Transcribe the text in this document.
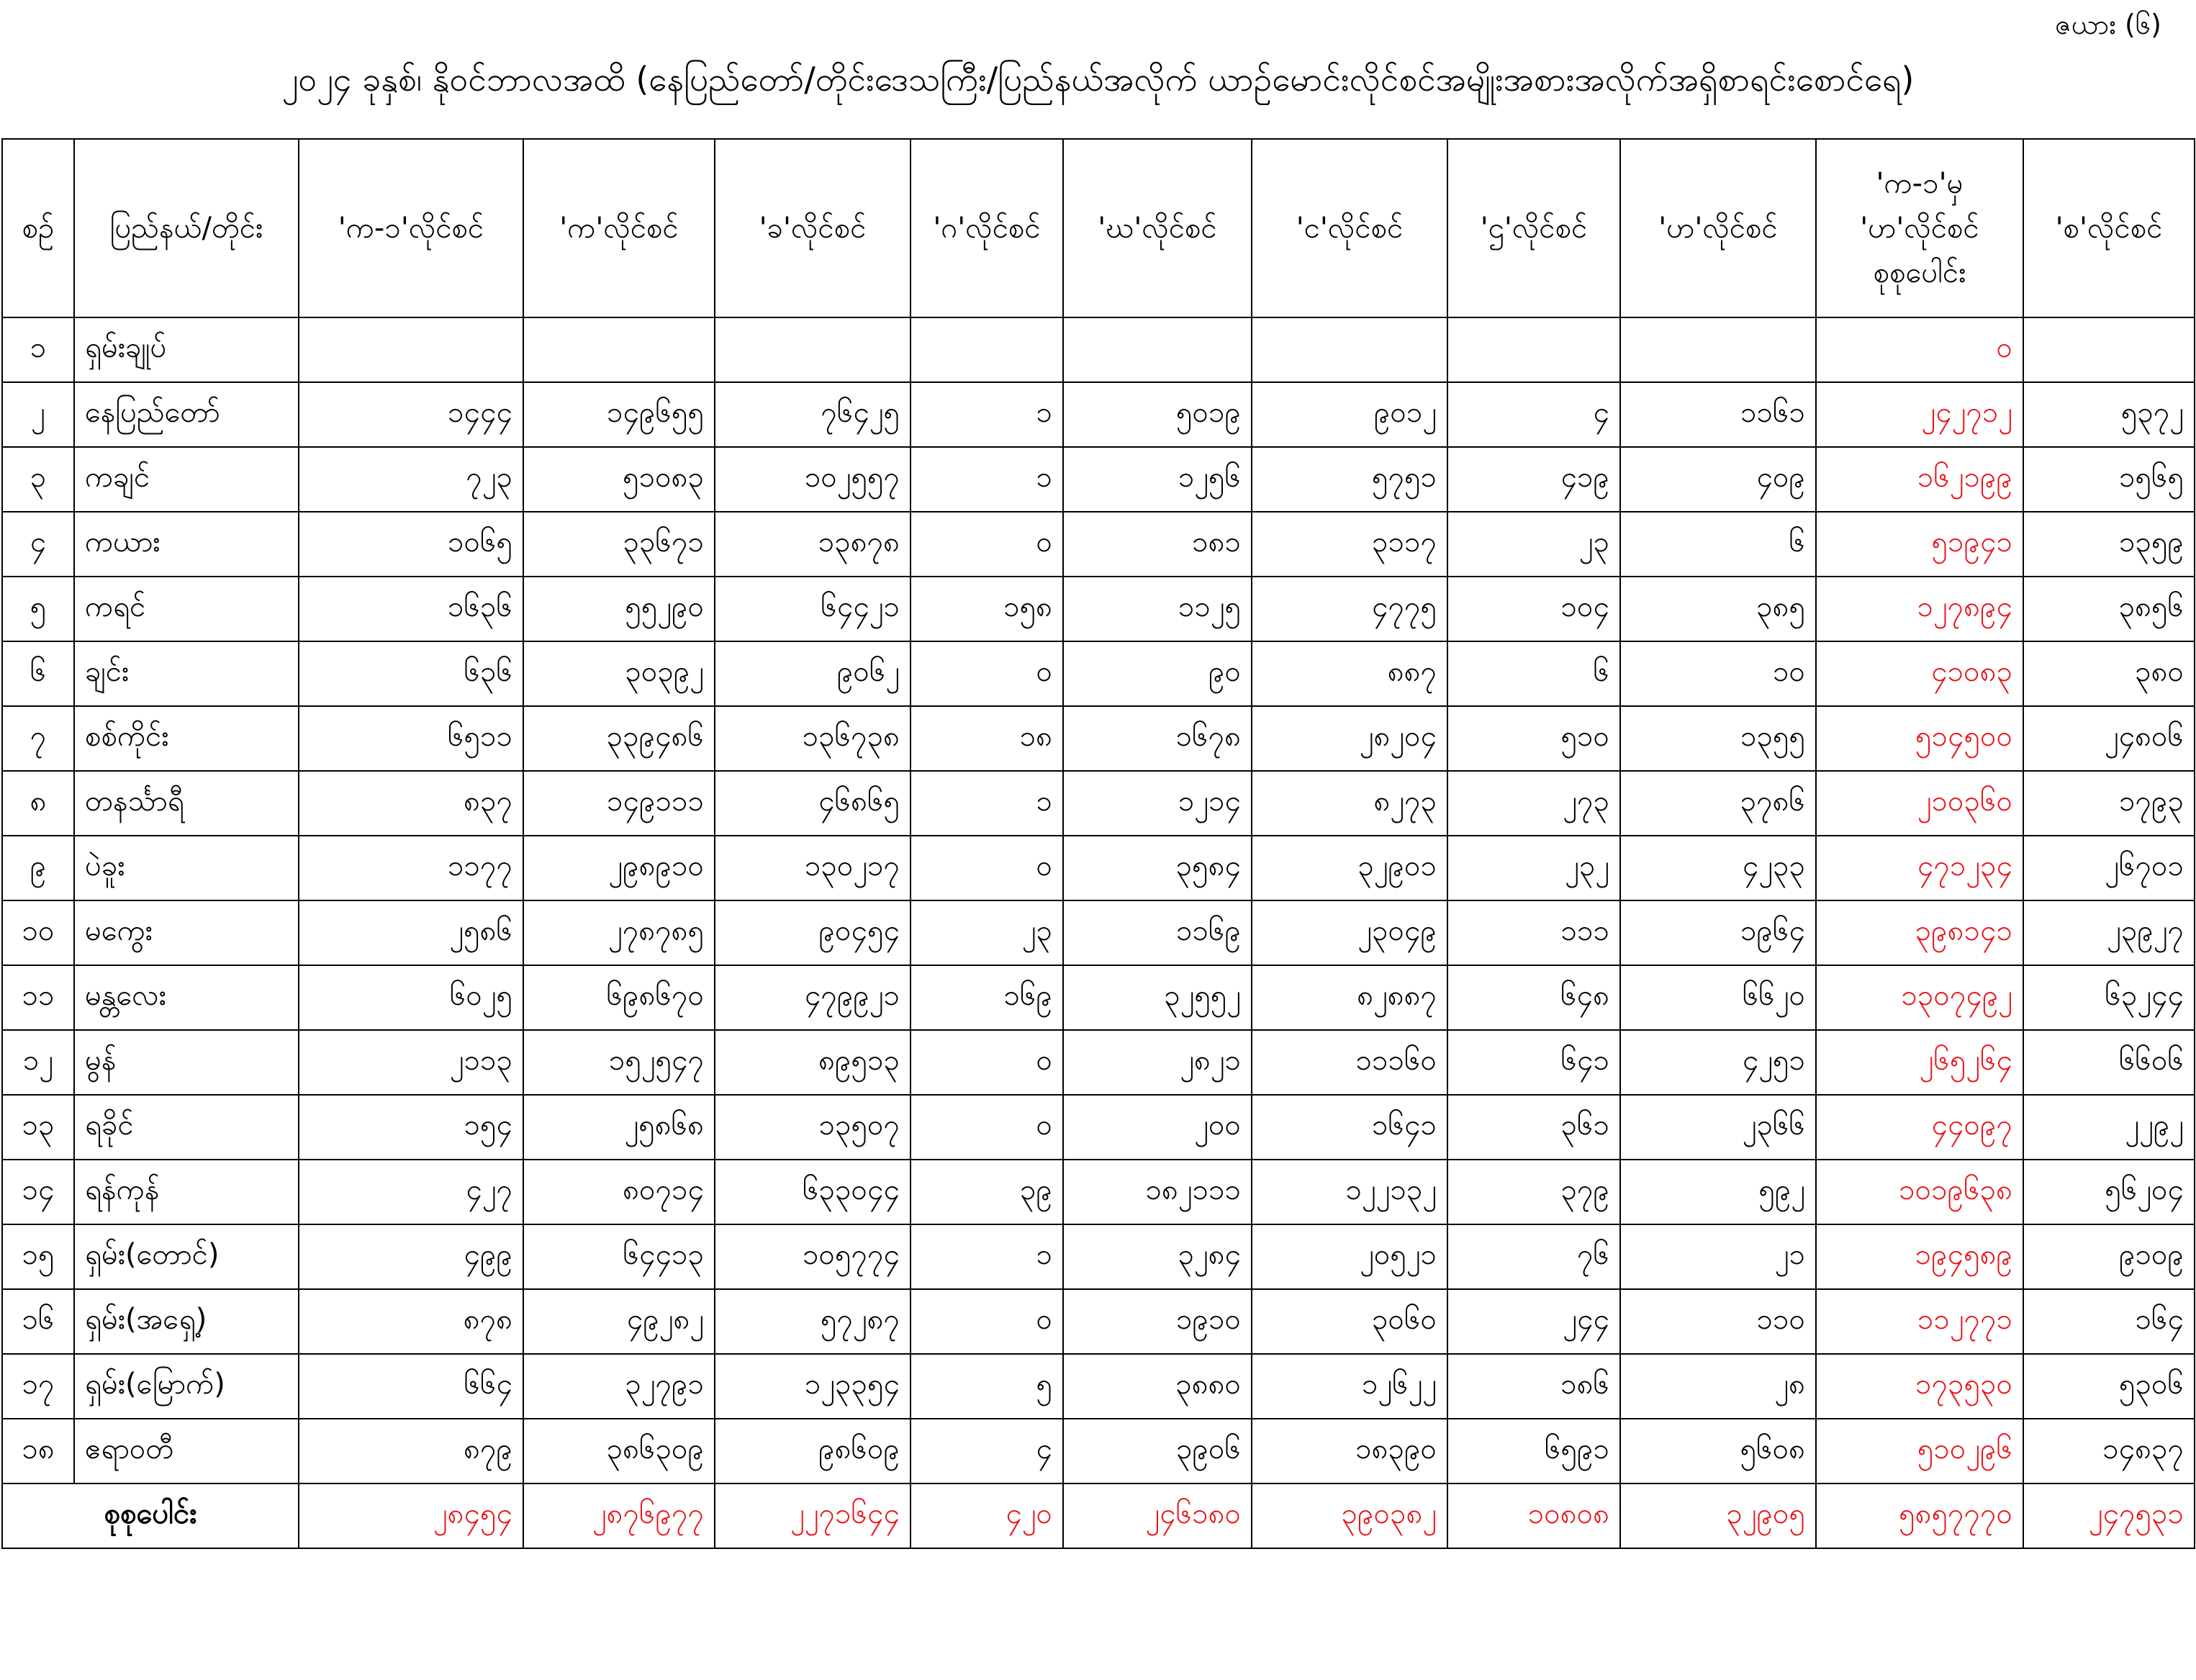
ဇယား (၆)
၂၀၂၄ ခုနှစ်၊ နိုဝင်ဘာလအထိ (နေပြည်တော်/တိုင်းဒေသကြီး/ပြည်နယ်အလိုက် ယာဉ်မောင်းလိုင်စင်အမျိုးအစားအလိုက်အရှိစာရင်းစောင်ရေ)
စဉ်	ပြည်နယ်/တိုင်း	'က-၁'လိုင်စင်	'က'လိုင်စင်	'ခ'လိုင်စင်	'ဂ'လိုင်စင်	'ဃ'လိုင်စင်	'င'လိုင်စင်	'ဌ'လိုင်စင်	'ဟ'လိုင်စင်	'က-၁'မှ 'ဟ'လိုင်စင် စုစုပေါင်း	'စ'လိုင်စင်
၁	ရှမ်းချုပ်									၀	
၂	နေပြည်တော်	၁၄၄၄	၁၄၉၆၅၅	၇၆၄၂၅	၁	၅၀၁၉	၉၀၁၂	၄	၁၁၆၁	၂၄၂၇၁၂	၅၃၇၂
၃	ကချင်	၇၂၃	၅၁၀၈၃	၁၀၂၅၅၇	၁	၁၂၅၆	၅၇၅၁	၄၁၉	၄၀၉	၁၆၂၁၉၉	၁၅၆၅
၄	ကယား	၁၀၆၅	၃၃၆၇၁	၁၃၈၇၈	၀	၁၈၁	၃၁၁၇	၂၃	၆	၅၁၉၄၁	၁၃၅၉
၅	ကရင်	၁၆၃၆	၅၅၂၉၀	၆၄၄၂၁	၁၅၈	၁၁၂၅	၄၇၇၅	၁၀၄	၃၈၅	၁၂၇၈၉၄	၃၈၅၆
၆	ချင်း	၆၃၆	၃၀၃၉၂	၉၀၆၂	၀	၉၀	၈၈၇	၆	၁၀	၄၁၀၈၃	၃၈၀
၇	စစ်ကိုင်း	၆၅၁၁	၃၃၉၄၈၆	၁၃၆၇၃၈	၁၈	၁၆၇၈	၂၈၂၀၄	၅၁၀	၁၃၅၅	၅၁၄၅၀၀	၂၄၈၀၆
၈	တနင်္သာရီ	၈၃၇	၁၄၉၁၁၁	၄၆၈၆၅	၁	၁၂၁၄	၈၂၇၃	၂၇၃	၃၇၈၆	၂၁၀၃၆၀	၁၇၉၃
၉	ပဲခူး	၁၁၇၇	၂၉၈၉၁၀	၁၃၀၂၁၇	၀	၃၅၈၄	၃၂၉၀၁	၂၃၂	၄၂၃၃	၄၇၁၂၃၄	၂၆၇၀၁
၁၀	မကွေး	၂၅၈၆	၂၇၈၇၈၅	၉၀၄၅၄	၂၃	၁၁၆၉	၂၃၀၄၉	၁၁၁	၁၉၆၄	၃၉၈၁၄၁	၂၃၉၂၇
၁၁	မန္တလေး	၆၀၂၅	၆၉၈၆၇၀	၄၇၉၉၂၁	၁၆၉	၃၂၅၅၂	၈၂၈၈၇	၆၄၈	၆၆၂၀	၁၃၀၇၄၉၂	၆၃၂၄၄
၁၂	မွန်	၂၁၁၃	၁၅၂၅၄၇	၈၉၅၁၃	၀	၂၈၂၁	၁၁၁၆၀	၆၄၁	၄၂၅၁	၂၆၅၂၆၄	၆၆၀၆
၁၃	ရခိုင်	၁၅၄	၂၅၈၆၈	၁၃၅၀၇	၀	၂၀၀	၁၆၄၁	၃၆၁	၂၃၆၆	၄၄၀၉၇	၂၂၉၂
၁၄	ရန်ကုန်	၄၂၇	၈၀၇၁၄	၆၃၃၀၄၄	၃၉	၁၈၂၁၁၁	၁၂၂၁၃၂	၃၇၉	၅၉၂	၁၀၁၉၆၃၈	၅၆၂၀၄
၁၅	ရှမ်း(တောင်)	၄၉၉	၆၄၄၁၃	၁၀၅၇၇၄	၁	၃၂၈၄	၂၀၅၂၁	၇၆	၂၁	၁၉၄၅၈၉	၉၁၀၉
၁၆	ရှမ်း(အရှေ့)	၈၇၈	၄၉၂၈၂	၅၇၂၈၇	၀	၁၉၁၀	၃၀၆၀	၂၄၄	၁၁၀	၁၁၂၇၇၁	၁၆၄
၁၇	ရှမ်း(မြောက်)	၆၆၄	၃၂၇၉၁	၁၂၃၃၅၄	၅	၃၈၈၀	၁၂၆၂၂	၁၈၆	၂၈	၁၇၃၅၃၀	၅၃၀၆
၁၈	ဧရာဝတီ	၈၇၉	၃၈၆၃၀၉	၉၈၆၀၉	၄	၃၉၀၆	၁၈၃၉၀	၆၅၉၁	၅၆၀၈	၅၁၀၂၉၆	၁၄၈၃၇
စုစုပေါင်း		၂၈၄၅၄	၂၈၇၆၉၇၇	၂၂၇၁၆၄၄	၄၂၀	၂၄၆၁၈၀	၃၉၀၃၈၂	၁၀၈၀၈	၃၂၉၀၅	၅၈၅၇၇၇၀	၂၄၇၅၃၁
